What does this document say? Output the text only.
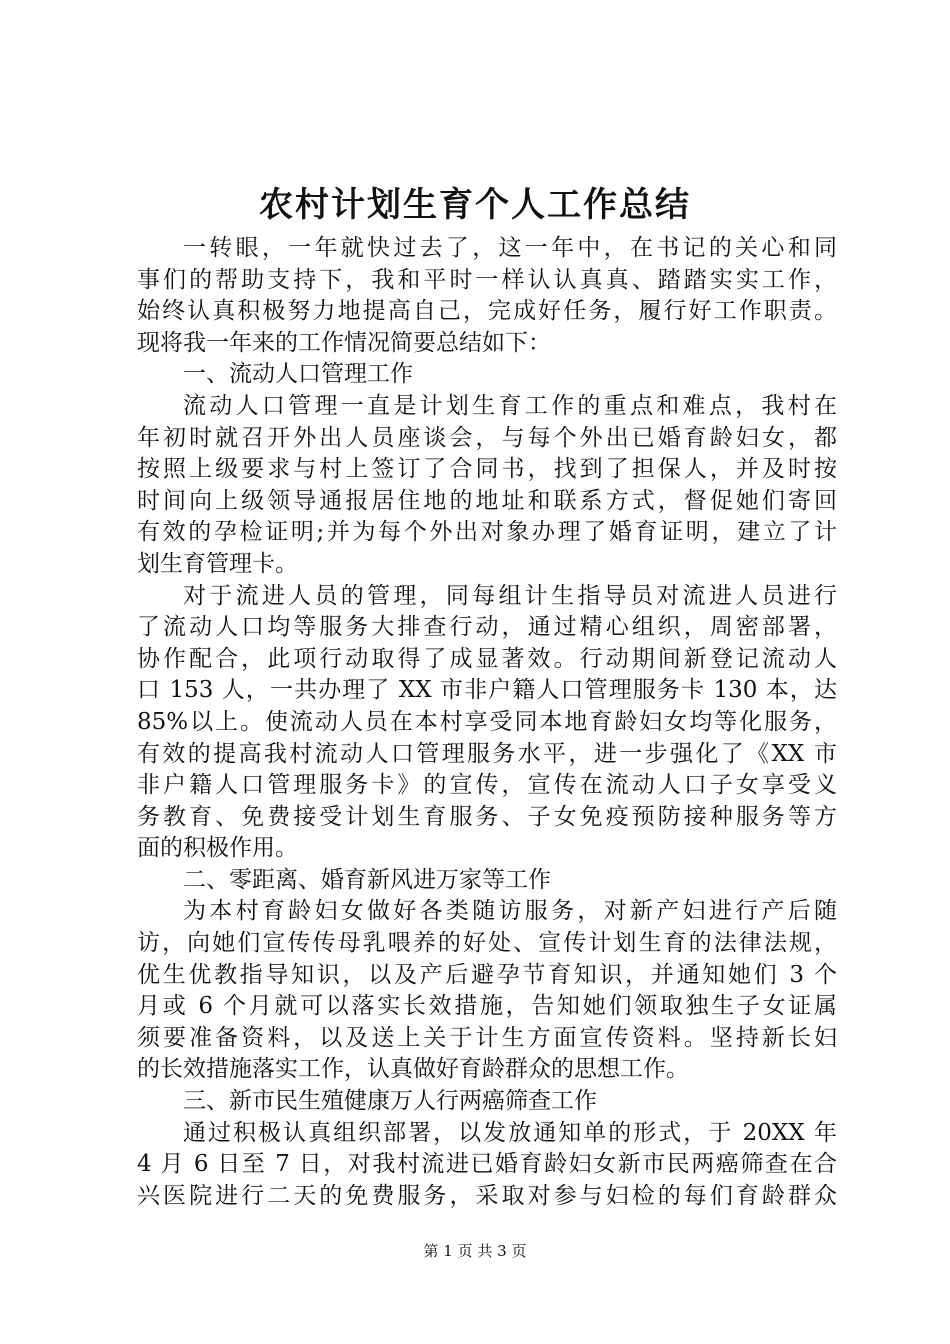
农村计划生育个人工作总结
一转眼，一年就快过去了，这一年中，在书记的关心和同
事们的帮助支持下，我和平时一样认认真真、踏踏实实工作，
始终认真积极努力地提高自己，完成好任务，履行好工作职责。
现将我一年来的工作情况简要总结如下：
一、流动人口管理工作
流动人口管理一直是计划生育工作的重点和难点，我村在
年初时就召开外出人员座谈会，与每个外出已婚育龄妇女，都
按照上级要求与村上签订了合同书，找到了担保人，并及时按
时间向上级领导通报居住地的地址和联系方式，督促她们寄回
有效的孕检证明;并为每个外出对象办理了婚育证明，建立了计
划生育管理卡。
对于流进人员的管理，同每组计生指导员对流进人员进行
了流动人口均等服务大排查行动，通过精心组织，周密部署，
协作配合，此项行动取得了成显著效。行动期间新登记流动人
口 153 人，一共办理了 XX 市非户籍人口管理服务卡 130 本，达
85%以上。使流动人员在本村享受同本地育龄妇女均等化服务，
有效的提高我村流动人口管理服务水平，进一步强化了《XX 市
非户籍人口管理服务卡》的宣传，宣传在流动人口子女享受义
务教育、免费接受计划生育服务、子女免疫预防接种服务等方
面的积极作用。
二、零距离、婚育新风进万家等工作
为本村育龄妇女做好各类随访服务，对新产妇进行产后随
访，向她们宣传传母乳喂养的好处、宣传计划生育的法律法规，
优生优教指导知识，以及产后避孕节育知识，并通知她们 3 个
月或 6 个月就可以落实长效措施，告知她们领取独生子女证属
须要准备资料，以及送上关于计生方面宣传资料。坚持新长妇
的长效措施落实工作，认真做好育龄群众的思想工作。
三、新市民生殖健康万人行两癌筛查工作
通过积极认真组织部署，以发放通知单的形式，于 20XX 年
4 月 6 日至 7 日，对我村流进已婚育龄妇女新市民两癌筛查在合
兴医院进行二天的免费服务，采取对参与妇检的每们育龄群众
第 1 页 共 3 页
